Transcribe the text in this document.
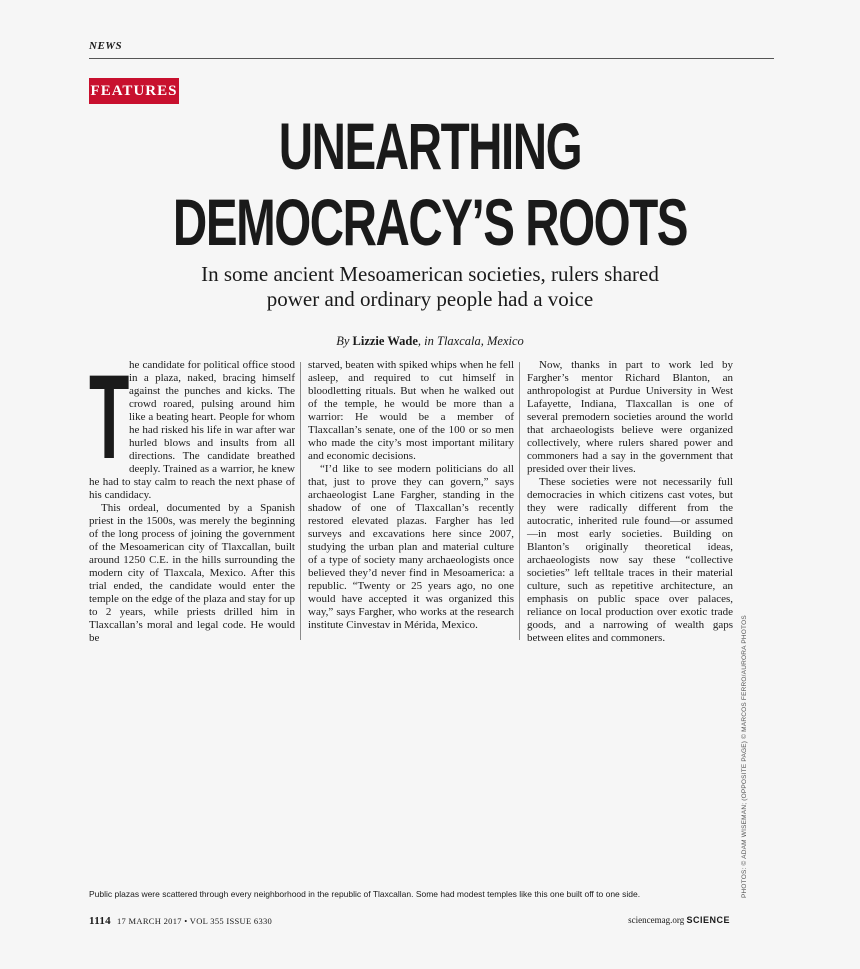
NEWS
FEATURES
UNEARTHING
DEMOCRACY’S ROOTS
In some ancient Mesoamerican societies, rulers shared
power and ordinary people had a voice
By Lizzie Wade, in Tlaxcala, Mexico
T he candidate for political office stood in a plaza, naked, bracing himself against the punches and kicks. The crowd roared, pulsing around him like a beating heart. People for whom he had risked his life in war after war hurled blows and insults from all directions. The candidate breathed deeply. Trained as a warrior, he knew he had to stay calm to reach the next phase of his candidacy.

This ordeal, documented by a Spanish priest in the 1500s, was merely the beginning of the long process of joining the government of the Mesoamerican city of Tlaxcallan, built around 1250 C.E. in the hills surrounding the modern city of Tlaxcala, Mexico. After this trial ended, the candidate would enter the temple on the edge of the plaza and stay for up to 2 years, while priests drilled him in Tlaxcallan’s moral and legal code. He would be

starved, beaten with spiked whips when he fell asleep, and required to cut himself in bloodletting rituals. But when he walked out of the temple, he would be more than a warrior: He would be a member of Tlaxcallan’s senate, one of the 100 or so men who made the city’s most important military and economic decisions.

“I’d like to see modern politicians do all that, just to prove they can govern,” says archaeologist Lane Fargher, standing in the shadow of one of Tlaxcallan’s recently restored elevated plazas. Fargher has led surveys and excavations here since 2007, studying the urban plan and material culture of a type of society many archaeologists once believed they’d never find in Mesoamerica: a republic. “Twenty or 25 years ago, no one would have accepted it was organized this way,” says Fargher, who works at the research institute Cinvestav in Mérida, Mexico.

Now, thanks in part to work led by Fargher’s mentor Richard Blanton, an anthropologist at Purdue University in West Lafayette, Indiana, Tlaxcallan is one of several premodern societies around the world that archaeologists believe were organized collectively, where rulers shared power and commoners had a say in the government that presided over their lives.

These societies were not necessarily full democracies in which citizens cast votes, but they were radically different from the autocratic, inherited rule found—or assumed—in most early societies. Building on Blanton’s originally theoretical ideas, archaeologists now say these “collective societies” left telltale traces in their material culture, such as repetitive architecture, an emphasis on public space over palaces, reliance on local production over exotic trade goods, and a narrowing of wealth gaps between elites and commoners.	PHOTOS: © ADAM WISEMAN; (OPPOSITE PAGE) © MARCOS FERRO/AURORA PHOTOS
Public plazas were scattered through every neighborhood in the republic of Tlaxcallan. Some had modest temples like this one built off to one side.
1114 17 MARCH 2017 • VOL 355 ISSUE 6330	sciencemag.org SCIENCE
